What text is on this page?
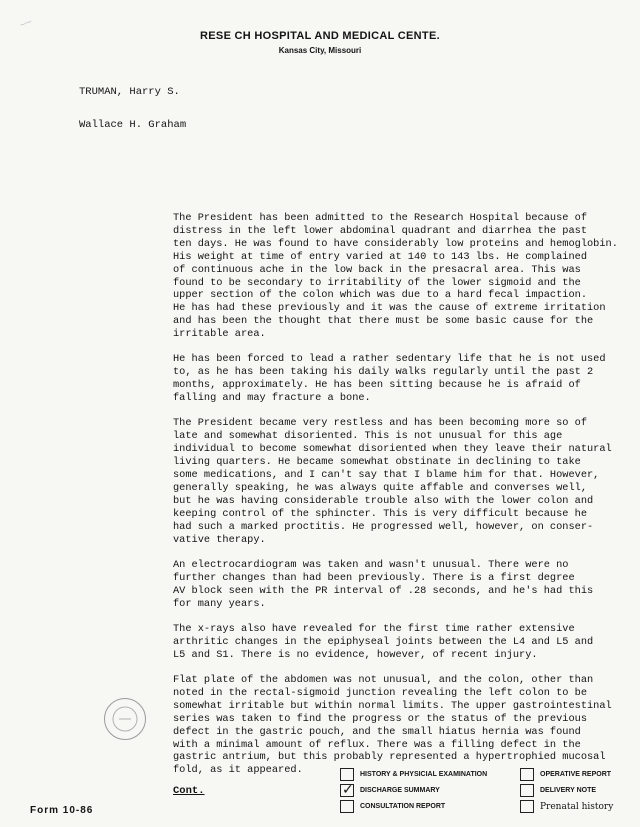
⁓⁓
RESE CH HOSPITAL AND MEDICAL CENTE.
Kansas City, Missouri
TRUMAN, Harry S.
Wallace H. Graham

The President has been admitted to the Research Hospital because of
distress in the left lower abdominal quadrant and diarrhea the past
ten days. He was found to have considerably low proteins and hemoglobin.
His weight at time of entry varied at 140 to 143 lbs. He complained
of continuous ache in the low back in the presacral area. This was
found to be secondary to irritability of the lower sigmoid and the
upper section of the colon which was due to a hard fecal impaction.
He has had these previously and it was the cause of extreme irritation
and has been the thought that there must be some basic cause for the
irritable area.

He has been forced to lead a rather sedentary life that he is not used
to, as he has been taking his daily walks regularly until the past 2
months, approximately. He has been sitting because he is afraid of
falling and may fracture a bone.

The President became very restless and has been becoming more so of
late and somewhat disoriented. This is not unusual for this age
individual to become somewhat disoriented when they leave their natural
living quarters. He became somewhat obstinate in declining to take
some medications, and I can't say that I blame him for that. However,
generally speaking, he was always quite affable and converses well,
but he was having considerable trouble also with the lower colon and
keeping control of the sphincter. This is very difficult because he
had such a marked proctitis. He progressed well, however, on conser-
vative therapy.

An electrocardiogram was taken and wasn't unusual. There were no
further changes than had been previously. There is a first degree
AV block seen with the PR interval of .28 seconds, and he's had this
for many years.

The x-rays also have revealed for the first time rather extensive
arthritic changes in the epiphyseal joints between the L4 and L5 and
L5 and S1. There is no evidence, however, of recent injury.

Flat plate of the abdomen was not unusual, and the colon, other than
noted in the rectal-sigmoid junction revealing the left colon to be
somewhat irritable but within normal limits. The upper gastrointestinal
series was taken to find the progress or the status of the previous
defect in the gastric pouch, and the small hiatus hernia was found
with a minimal amount of reflux. There was a filling defect in the
gastric antrium, but this probably represented a hypertrophied mucosal
fold, as it appeared.

Cont.
Form 10-86
HISTORY & PHYSICIAL EXAMINATION
✓ DISCHARGE SUMMARY
CONSULTATION REPORT
OPERATIVE REPORT
DELIVERY NOTE
Prenatal history
